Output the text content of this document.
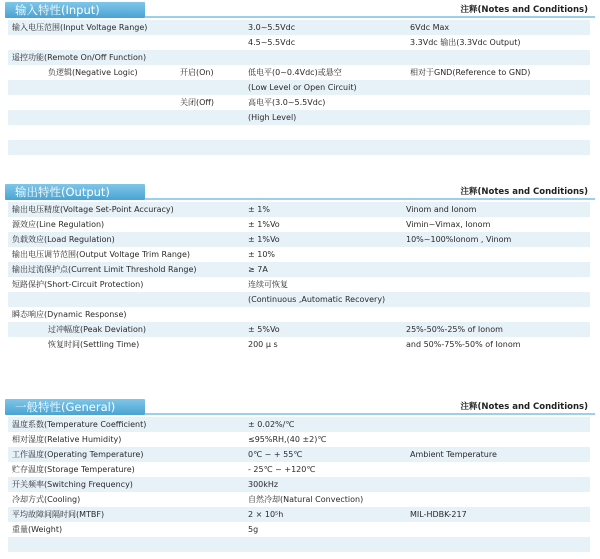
输入特性(Input)	注释(Notes and Conditions)
输入电压范围(Input Voltage Range)	3.0~5.5Vdc	6Vdc Max
4.5~5.5Vdc	3.3Vdc 输出(3.3Vdc Output)
遥控功能(Remote On/Off Function)
负逻辑(Negative Logic)	开启(On)	低电平(0~0.4Vdc)或悬空	相对于GND(Reference to GND)
(Low Level or Open Circuit)
关闭(Off)	高电平(3.0~5.5Vdc)
(High Level)
输出特性(Output)	注释(Notes and Conditions)
输出电压精度(Voltage Set-Point Accuracy)	± 1%	Vinom and Ionom
源效应(Line Regulation)	± 1%Vo	Vimin~Vimax, Ionom
负载效应(Load Regulation)	± 1%Vo	10%~100%Ionom , Vinom
输出电压调节范围(Output Voltage Trim Range)	± 10%
输出过流保护点(Current Limit Threshold Range)	≥ 7A
短路保护(Short-Circuit Protection)	连续可恢复
(Continuous ,Automatic Recovery)
瞬态响应(Dynamic Response)
过冲幅度(Peak Deviation)	± 5%Vo	25%-50%-25% of Ionom
恢复时间(Settling Time)	200 μ s	and 50%-75%-50% of Ionom
一般特性(General)	注释(Notes and Conditions)
温度系数(Temperature Coefficient)	± 0.02%/℃
相对湿度(Relative Humidity)	≤95%RH,(40 ±2)℃
工作温度(Operating Temperature)	0℃ ~ + 55℃	Ambient Temperature
贮存温度(Storage Temperature)	- 25℃ ~ +120℃
开关频率(Switching Frequency)	300kHz
冷却方式(Cooling)	自然冷却(Natural Convection)
平均故障间隔时间(MTBF)	2 × 10⁵h	MIL-HDBK-217
重量(Weight)	5g
